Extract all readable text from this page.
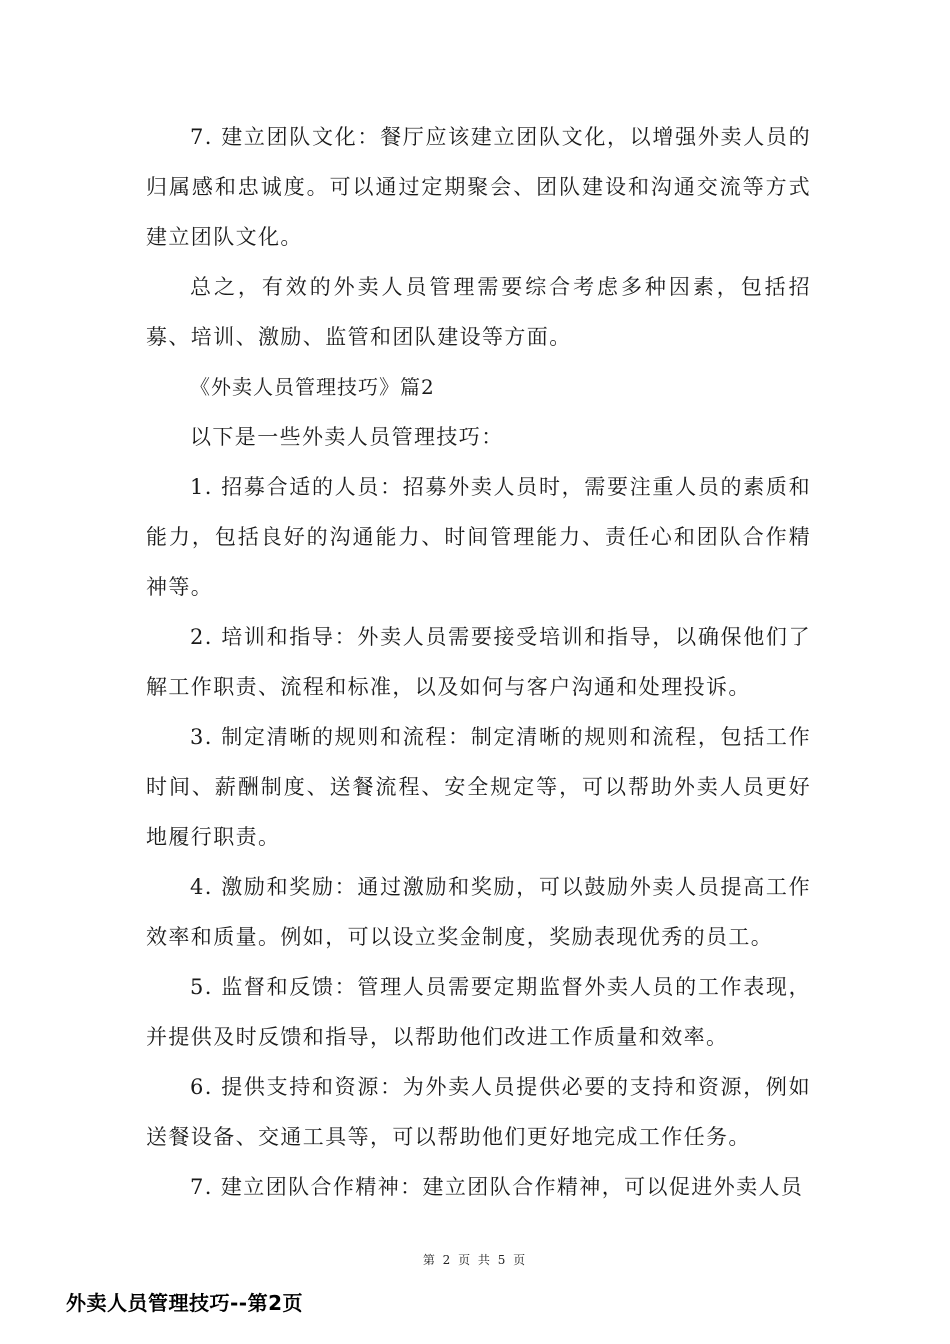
7. 建立团队文化：餐厅应该建立团队文化，以增强外卖人员的归属感和忠诚度。可以通过定期聚会、团队建设和沟通交流等方式建立团队文化。

总之，有效的外卖人员管理需要综合考虑多种因素，包括招募、培训、激励、监管和团队建设等方面。

《外卖人员管理技巧》篇2

以下是一些外卖人员管理技巧：

1. 招募合适的人员：招募外卖人员时，需要注重人员的素质和能力，包括良好的沟通能力、时间管理能力、责任心和团队合作精神等。

2. 培训和指导：外卖人员需要接受培训和指导，以确保他们了解工作职责、流程和标准，以及如何与客户沟通和处理投诉。

3. 制定清晰的规则和流程：制定清晰的规则和流程，包括工作时间、薪酬制度、送餐流程、安全规定等，可以帮助外卖人员更好地履行职责。

4. 激励和奖励：通过激励和奖励，可以鼓励外卖人员提高工作效率和质量。例如，可以设立奖金制度，奖励表现优秀的员工。

5. 监督和反馈：管理人员需要定期监督外卖人员的工作表现，并提供及时反馈和指导，以帮助他们改进工作质量和效率。

6. 提供支持和资源：为外卖人员提供必要的支持和资源，例如送餐设备、交通工具等，可以帮助他们更好地完成工作任务。

7. 建立团队合作精神：建立团队合作精神，可以促进外卖人员

第 2 页 共 5 页
外卖人员管理技巧--第2页
